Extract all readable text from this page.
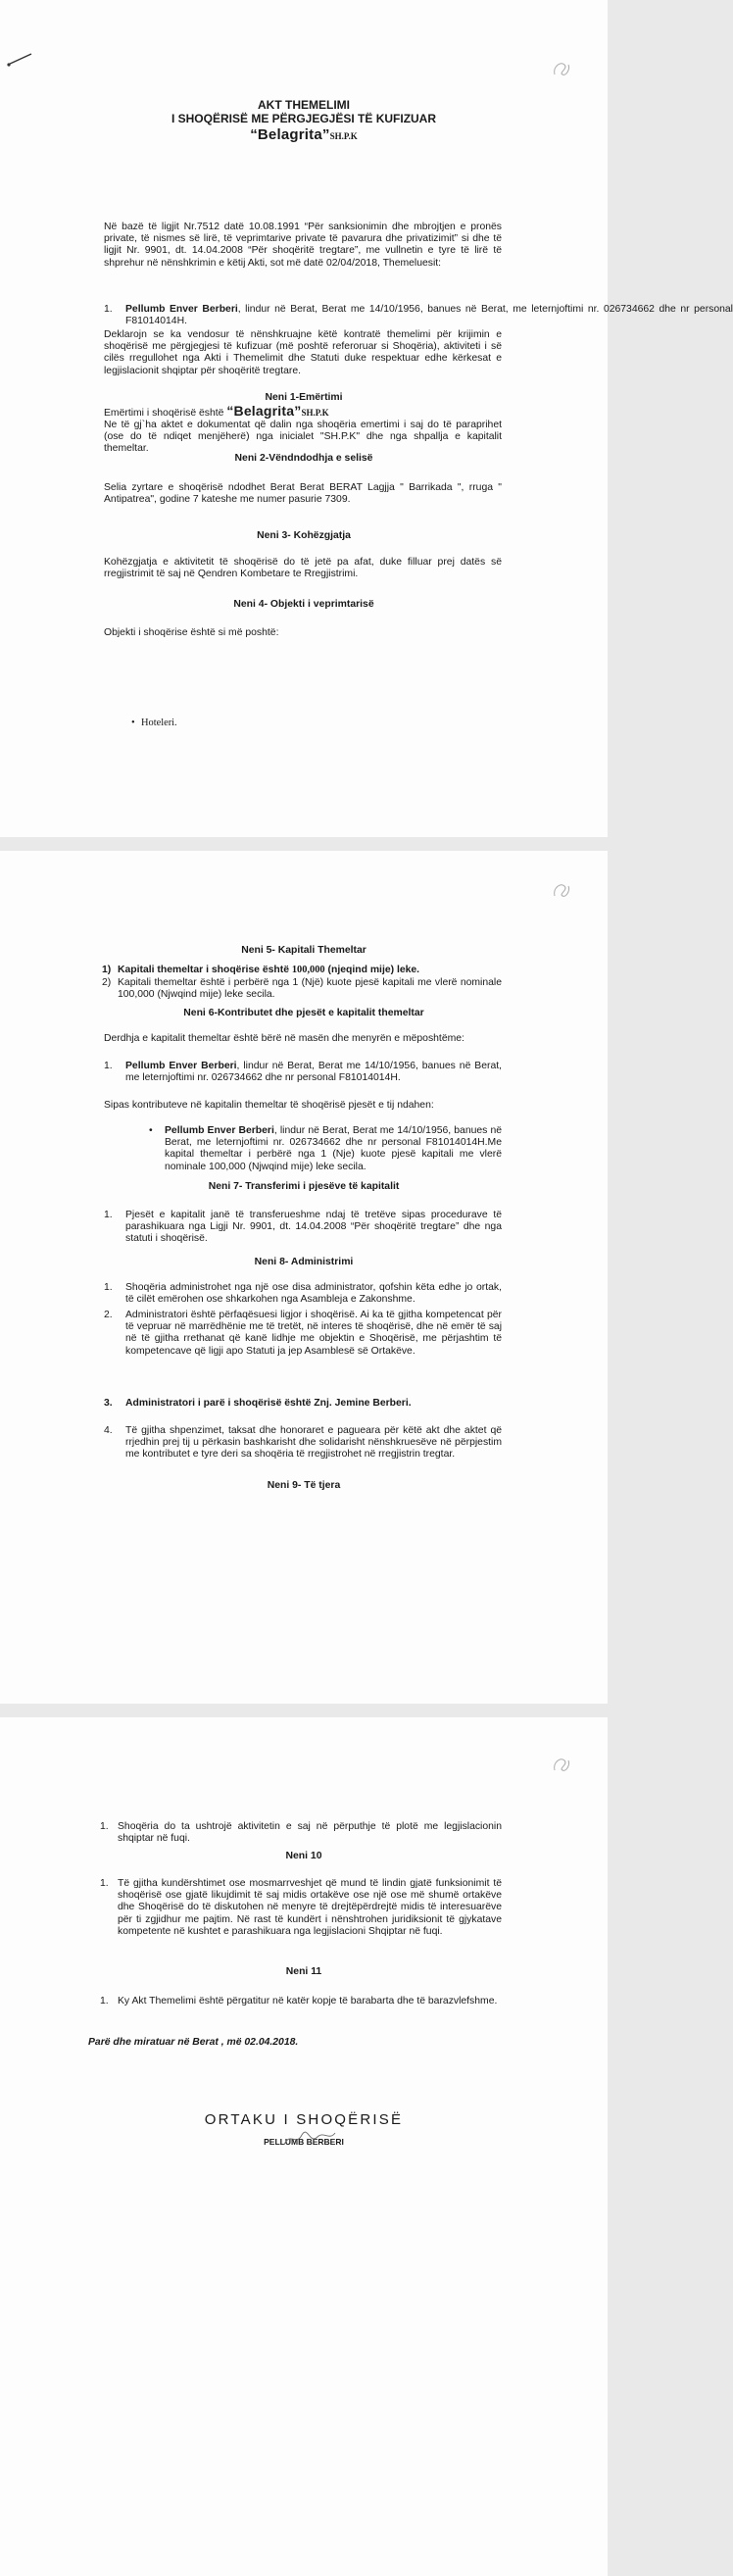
AKT THEMELIMI
I SHOQËRISË ME PËRGJEGJËSI TË KUFIZUAR
“Belagrita”SH.P.K
Në bazë të ligjit Nr.7512 datë 10.08.1991 “Për sanksionimin dhe mbrojtjen e pronës private, të nismes së lirë, të veprimtarive private të pavarura dhe privatizimit” si dhe të ligjit Nr. 9901, dt. 14.04.2008 “Për shoqëritë tregtare”, me vullnetin e tyre të lirë të shprehur në nënshkrimin e këtij Akti, sot më datë 02/04/2018, Themeluesit:
1. Pellumb Enver Berberi, lindur në Berat, Berat me 14/10/1956, banues në Berat, me leternjoftimi nr. 026734662 dhe nr personal F81014014H.
Deklarojn se ka vendosur të nënshkruajne këtë kontratë themelimi për krijimin e shoqërisë me përgjegjesi të kufizuar (më poshtë referoruar si Shoqëria), aktiviteti i së cilës rregullohet nga Akti i Themelimit dhe Statuti duke respektuar edhe kërkesat e legjislacionit shqiptar për shoqëritë tregtare.
Neni 1-Emërtimi
Emërtimi i shoqërisë është “Belagrita”SH.P.K
Ne të gj`ha aktet e dokumentat që dalin nga shoqëria emertimi i saj do të paraprihet (ose do të ndiqet menjëherë) nga inicialet "SH.P.K" dhe nga shpallja e kapitalit themeltar.
Neni 2-Vëndndodhja e selisë
Selia zyrtare e shoqërisë ndodhet Berat Berat BERAT Lagjja " Barrikada ", rruga " Antipatrea", godine 7 kateshe me numer pasurie 7309.
Neni 3- Kohëzgjatja
Kohëzgjatja e aktivitetit të shoqërisë do të jetë pa afat, duke filluar prej datës së rregjistrimit të saj në Qendren Kombetare te Rregjistrimi.
Neni 4- Objekti i veprimtarisë
Objekti i shoqërise është si më poshtë:
• Hoteleri.
Neni 5- Kapitali Themeltar
1) Kapitali themeltar i shoqërise është 100,000 (njeqind mije) leke.
2) Kapitali themeltar është i perbërë nga 1 (Një) kuote pjesë kapitali me vlerë nominale 100,000 (Njwqind mije) leke secila.
Neni 6-Kontributet dhe pjesët e kapitalit themeltar
Derdhja e kapitalit themeltar është bërë në masën dhe menyrën e mëposhtëme:
1. Pellumb Enver Berberi, lindur në Berat, Berat me 14/10/1956, banues në Berat, me leternjoftimi nr. 026734662 dhe nr personal F81014014H.
Sipas kontributeve në kapitalin themeltar të shoqërisë pjesët e tij ndahen:
• Pellumb Enver Berberi, lindur në Berat, Berat me 14/10/1956, banues në Berat, me leternjoftimi nr. 026734662 dhe nr personal F81014014H.Me kapital themeltar i perbërë nga 1 (Nje) kuote pjesë kapitali me vlerë nominale 100,000 (Njwqind mije) leke secila.
Neni 7- Transferimi i pjesëve të kapitalit
1. Pjesët e kapitalit janë të transferueshme ndaj të tretëve sipas procedurave të parashikuara nga Ligji Nr. 9901, dt. 14.04.2008 “Për shoqëritë tregtare” dhe nga statuti i shoqërisë.
Neni 8- Administrimi
1. Shoqëria administrohet nga një ose disa administrator, qofshin këta edhe jo ortak, të cilët emërohen ose shkarkohen nga Asambleja e Zakonshme.
2. Administratori është përfaqësuesi ligjor i shoqërisë. Ai ka të gjitha kompetencat për të vepruar në marrëdhënie me të tretët, në interes të shoqërisë, dhe në emër të saj në të gjitha rrethanat që kanë lidhje me objektin e Shoqërisë, me përjashtim të kompetencave që ligji apo Statuti ja jep Asamblesë së Ortakëve.
3. Administratori i parë i shoqërisë është Znj. Jemine Berberi.
4. Të gjitha shpenzimet, taksat dhe honoraret e pagueara për këtë akt dhe aktet që rrjedhin prej tij u përkasin bashkarisht dhe solidarisht nënshkruesëve në përpjestim me kontributet e tyre deri sa shoqëria të rregjistrohet në rregjistrin tregtar.
Neni 9- Të tjera
1. Shoqëria do ta ushtrojë aktivitetin e saj në përputhje të plotë me legjislacionin shqiptar në fuqi.
Neni 10
1. Të gjitha kundërshtimet ose mosmarrveshjet që mund të lindin gjatë funksionimit të shoqërisë ose gjatë likujdimit të saj midis ortakëve ose një ose më shumë ortakëve dhe Shoqërisë do të diskutohen në menyre të drejtëpërdrejtë midis të interesuarëve për ti zgjidhur me pajtim. Në rast të kundërt i nënshtrohen juridiksionit të gjykatave kompetente në kushtet e parashikuara nga legjislacioni Shqiptar në fuqi.
Neni 11
1. Ky Akt Themelimi është përgatitur në katër kopje të barabarta dhe të barazvlefshme.
Parë dhe miratuar në Berat , më 02.04.2018.
ORTAKU I SHOQËRISË
PELLUMB BERBERI
